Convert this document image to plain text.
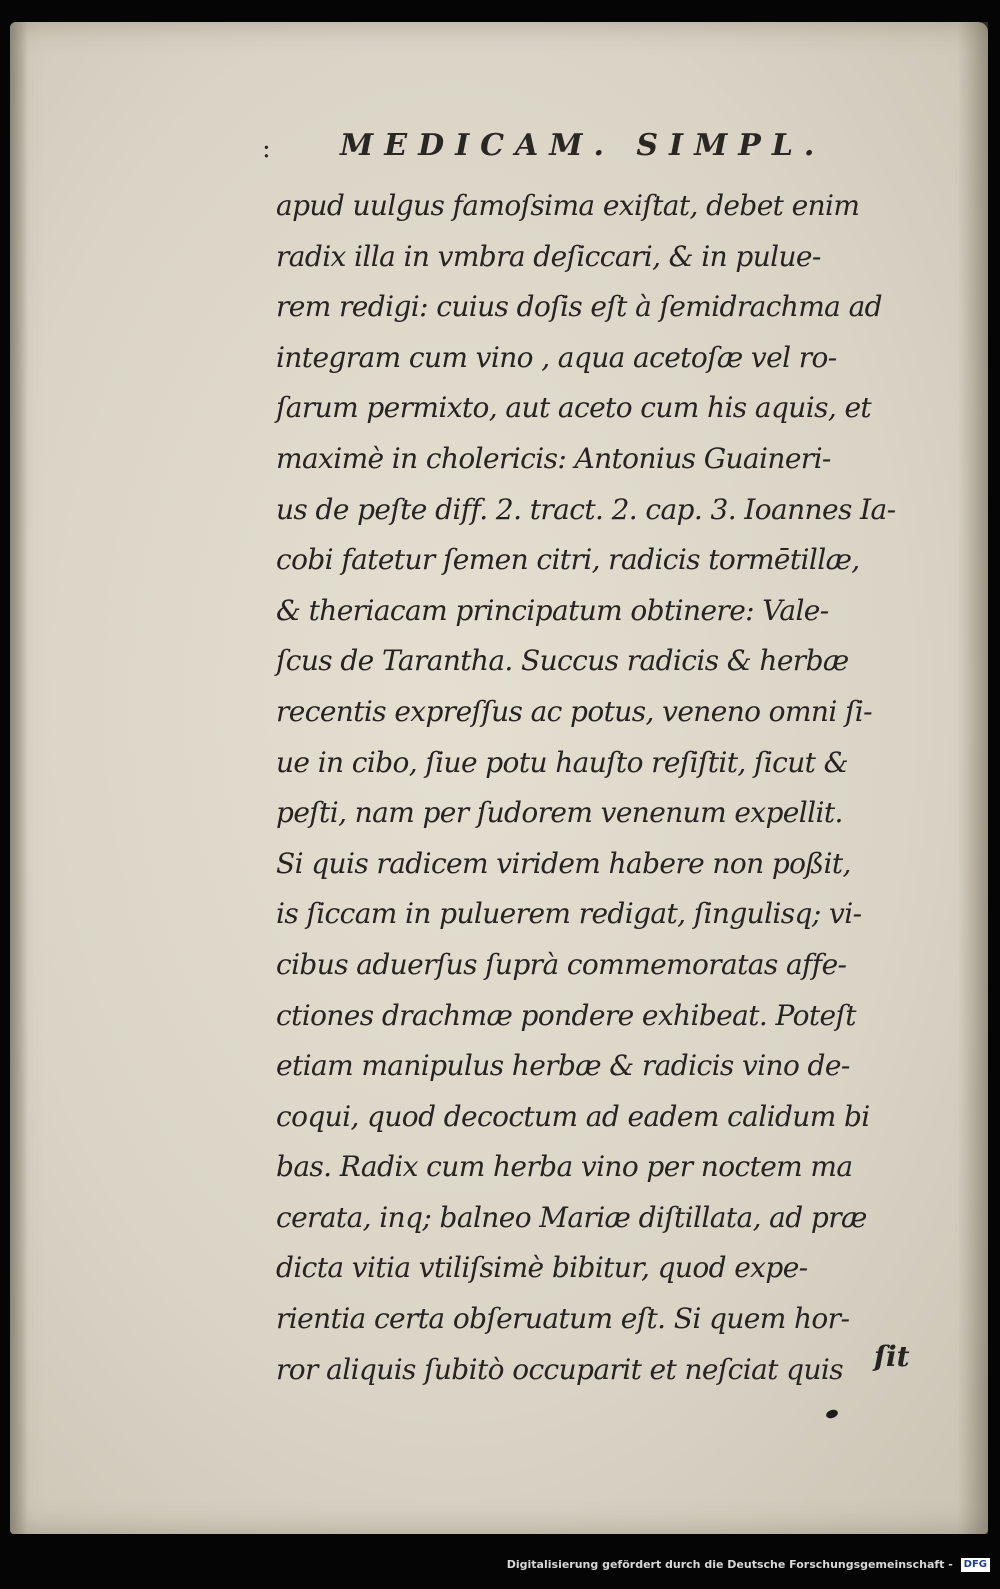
: MEDICAM. SIMPL.
apud uulgus famoſsima exiſtat, debet enim
radix illa in vmbra deſiccari, & in pulue-
rem redigi: cuius doſis eſt à ſemidrachma ad
integram cum vino , aqua acetoſæ vel ro-
ſarum permixto, aut aceto cum his aquis, et
maximè in cholericis: Antonius Guaineri-
us de peſte diff. 2. tract. 2. cap. 3. Ioannes Ia-
cobi fatetur ſemen citri, radicis tormētillæ,
& theriacam principatum obtinere: Vale-
ſcus de Tarantha. Succus radicis & herbæ
recentis expreſſus ac potus, veneno omni ſi-
ue in cibo, ſiue potu hauſto reſiſtit, ſicut &
peſti, nam per ſudorem venenum expellit.
Si quis radicem viridem habere non poßit,
is ſiccam in puluerem redigat, ſingulisq; vi-
cibus aduerſus ſuprà commemoratas affe-
ctiones drachmæ pondere exhibeat. Poteſt
etiam manipulus herbæ & radicis vino de-
coqui, quod decoctum ad eadem calidum bi
bas. Radix cum herba vino per noctem ma
cerata, inq; balneo Mariæ diſtillata, ad præ
dicta vitia vtiliſsimè bibitur, quod expe-
rientia certa obſeruatum eſt. Si quem hor-
ror aliquis ſubitò occuparit et neſciat quis	ſit
Digitalisierung gefördert durch die Deutsche Forschungsgemeinschaft - DFG
